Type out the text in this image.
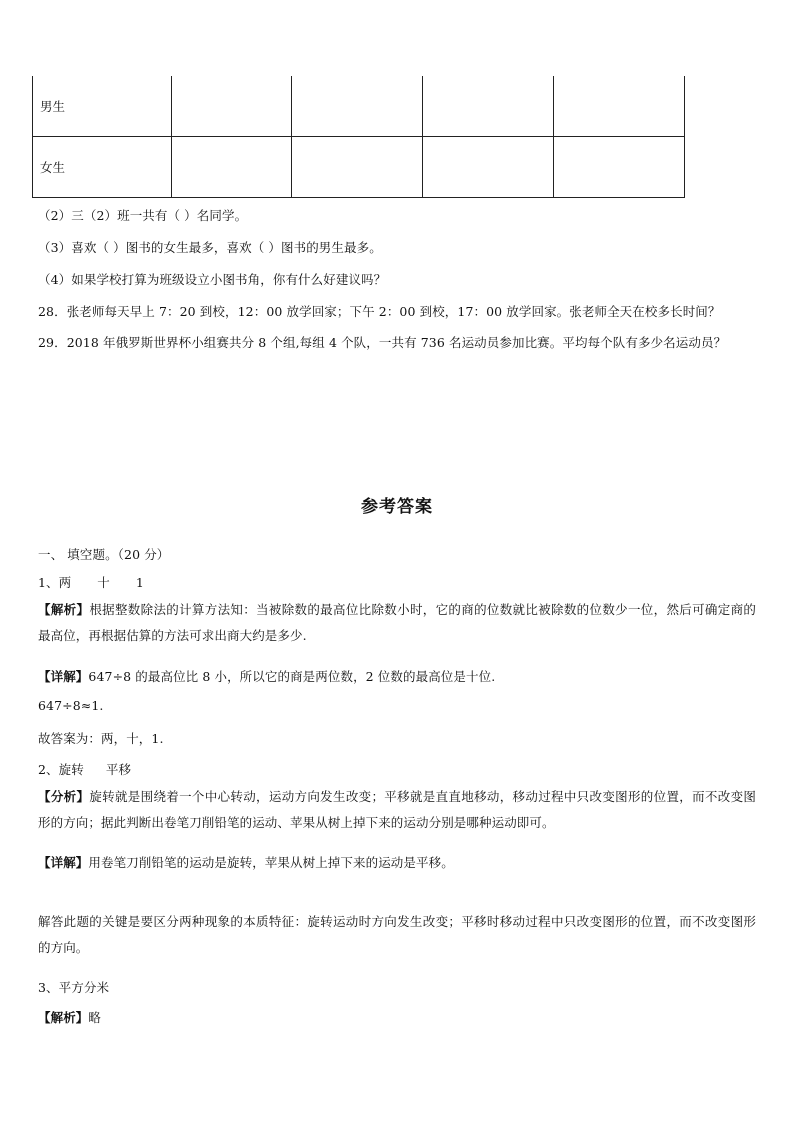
男生				
女生				
（2）三（2）班一共有（ ）名同学。
（3）喜欢（ ）图书的女生最多，喜欢（ ）图书的男生最多。
（4）如果学校打算为班级设立小图书角，你有什么好建议吗？
28．张老师每天早上 7：20 到校，12：00 放学回家；下午 2：00 到校，17：00 放学回家。张老师全天在校多长时间？
29．2018 年俄罗斯世界杯小组赛共分 8 个组,每组 4 个队，一共有 736 名运动员参加比赛。平均每个队有多少名运动员？
参考答案
一、 填空题。（20 分）
1、两 十 1
【解析】根据整数除法的计算方法知：当被除数的最高位比除数小时，它的商的位数就比被除数的位数少一位，然后可确定商的最高位，再根据估算的方法可求出商大约是多少.
【详解】647÷8 的最高位比 8 小，所以它的商是两位数，2 位数的最高位是十位.
647÷8≈1.
故答案为：两，十，1.
2、旋转 平移
【分析】旋转就是围绕着一个中心转动，运动方向发生改变；平移就是直直地移动，移动过程中只改变图形的位置，而不改变图形的方向；据此判断出卷笔刀削铅笔的运动、苹果从树上掉下来的运动分别是哪种运动即可。
【详解】用卷笔刀削铅笔的运动是旋转，苹果从树上掉下来的运动是平移。
解答此题的关键是要区分两种现象的本质特征：旋转运动时方向发生改变；平移时移动过程中只改变图形的位置，而不改变图形的方向。
3、平方分米
【解析】略
